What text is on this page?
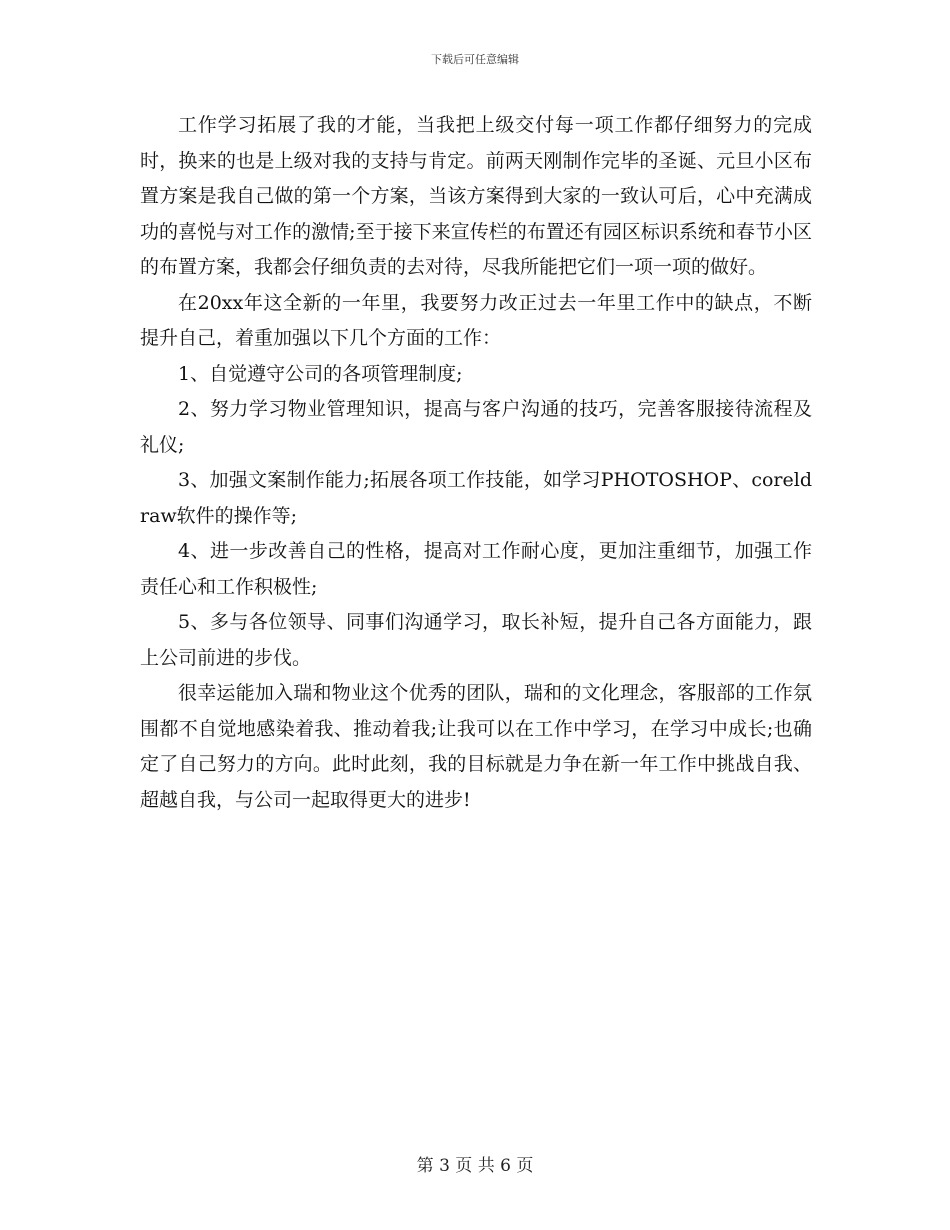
下载后可任意编辑

工作学习拓展了我的才能，当我把上级交付每一项工作都仔细努力的完成时，换来的也是上级对我的支持与肯定。前两天刚制作完毕的圣诞、元旦小区布置方案是我自己做的第一个方案，当该方案得到大家的一致认可后，心中充满成功的喜悦与对工作的激情;至于接下来宣传栏的布置还有园区标识系统和春节小区的布置方案，我都会仔细负责的去对待，尽我所能把它们一项一项的做好。

在20xx年这全新的一年里，我要努力改正过去一年里工作中的缺点，不断提升自己，着重加强以下几个方面的工作：

1、自觉遵守公司的各项管理制度;

2、努力学习物业管理知识，提高与客户沟通的技巧，完善客服接待流程及礼仪;

3、加强文案制作能力;拓展各项工作技能，如学习PHOTOSHOP、coreldraw软件的操作等;

4、进一步改善自己的性格，提高对工作耐心度，更加注重细节，加强工作责任心和工作积极性;

5、多与各位领导、同事们沟通学习，取长补短，提升自己各方面能力，跟上公司前进的步伐。

很幸运能加入瑞和物业这个优秀的团队，瑞和的文化理念，客服部的工作氛围都不自觉地感染着我、推动着我;让我可以在工作中学习，在学习中成长;也确定了自己努力的方向。此时此刻，我的目标就是力争在新一年工作中挑战自我、超越自我，与公司一起取得更大的进步!

第 3 页 共 6 页
